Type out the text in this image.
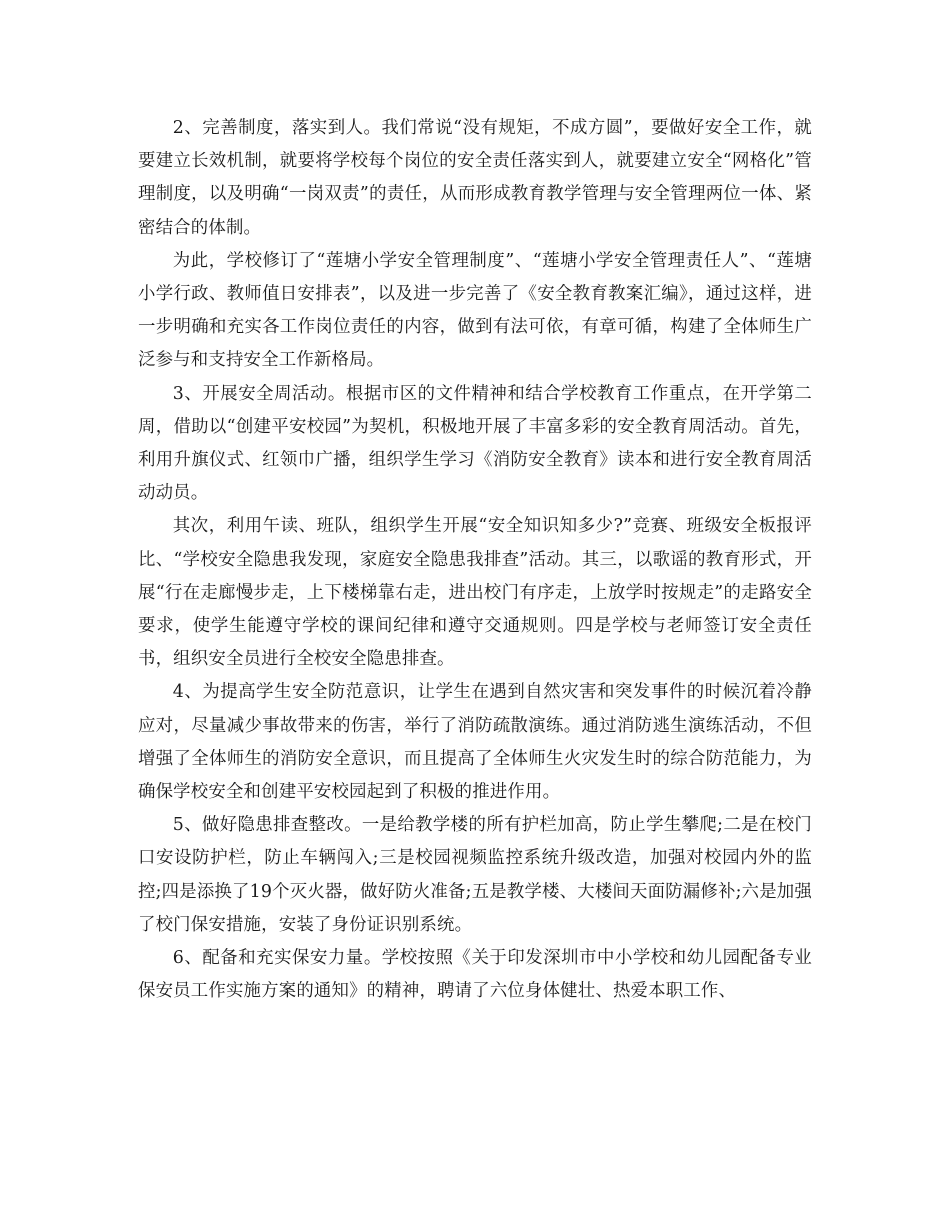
2、完善制度，落实到人。我们常说“没有规矩，不成方圆”，要做好安全工作，就要建立长效机制，就要将学校每个岗位的安全责任落实到人，就要建立安全“网格化”管理制度，以及明确“一岗双责”的责任，从而形成教育教学管理与安全管理两位一体、紧密结合的体制。

为此，学校修订了“莲塘小学安全管理制度”、“莲塘小学安全管理责任人”、“莲塘小学行政、教师值日安排表”，以及进一步完善了《安全教育教案汇编》，通过这样，进一步明确和充实各工作岗位责任的内容，做到有法可依，有章可循，构建了全体师生广泛参与和支持安全工作新格局。

3、开展安全周活动。根据市区的文件精神和结合学校教育工作重点，在开学第二周，借助以“创建平安校园”为契机，积极地开展了丰富多彩的安全教育周活动。首先，利用升旗仪式、红领巾广播，组织学生学习《消防安全教育》读本和进行安全教育周活动动员。

其次，利用午读、班队，组织学生开展“安全知识知多少?”竞赛、班级安全板报评比、“学校安全隐患我发现，家庭安全隐患我排查”活动。其三，以歌谣的教育形式，开展“行在走廊慢步走，上下楼梯靠右走，进出校门有序走，上放学时按规走”的走路安全要求，使学生能遵守学校的课间纪律和遵守交通规则。四是学校与老师签订安全责任书，组织安全员进行全校安全隐患排查。

4、为提高学生安全防范意识，让学生在遇到自然灾害和突发事件的时候沉着冷静应对，尽量减少事故带来的伤害，举行了消防疏散演练。通过消防逃生演练活动，不但增强了全体师生的消防安全意识，而且提高了全体师生火灾发生时的综合防范能力，为确保学校安全和创建平安校园起到了积极的推进作用。

5、做好隐患排查整改。一是给教学楼的所有护栏加高，防止学生攀爬;二是在校门口安设防护栏，防止车辆闯入;三是校园视频监控系统升级改造，加强对校园内外的监控;四是添换了19个灭火器，做好防火准备;五是教学楼、大楼间天面防漏修补;六是加强了校门保安措施，安装了身份证识别系统。

6、配备和充实保安力量。学校按照《关于印发深圳市中小学校和幼儿园配备专业保安员工作实施方案的通知》的精神，聘请了六位身体健壮、热爱本职工作、
